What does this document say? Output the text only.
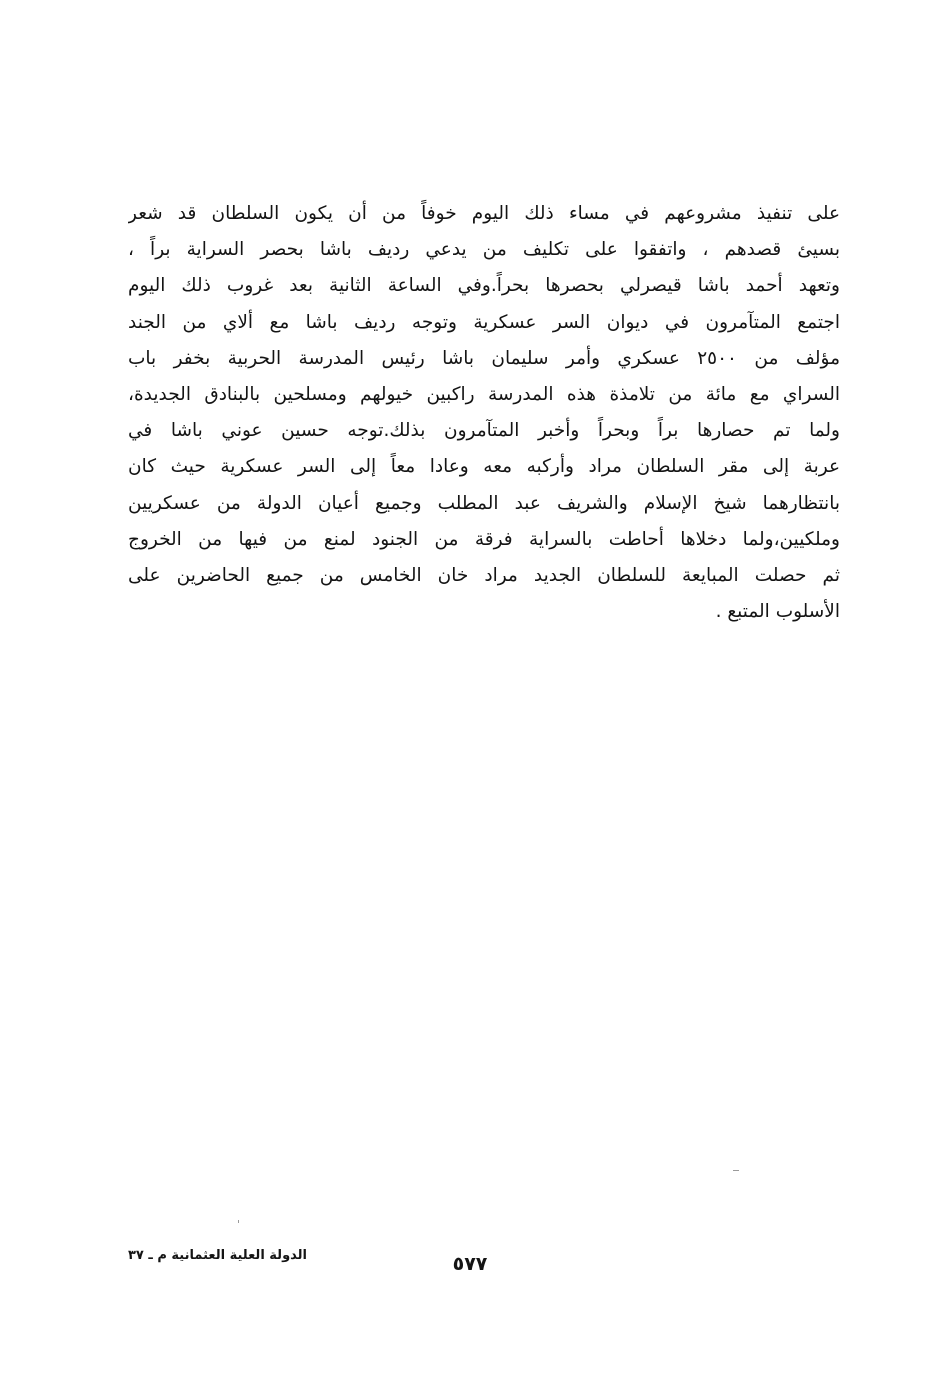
على تنفيذ مشروعهم في مساء ذلك اليوم خوفاً من أن يكون السلطان قد شعر
بسيئ قصدهم ، واتفقوا على تكليف من يدعي رديف باشا بحصر السراية براً ،
وتعهد أحمد باشا قيصرلي بحصرها بحراً.وفي الساعة الثانية بعد غروب ذلك اليوم
اجتمع المتآمرون في ديوان السر عسكرية وتوجه رديف باشا مع ألاي من الجند
مؤلف من ٢٥٠٠ عسكري وأمر سليمان باشا رئيس المدرسة الحربية بخفر باب
السراي مع مائة من تلامذة هذه المدرسة راكبين خيولهم ومسلحين بالبنادق الجديدة،
ولما تم حصارها براً وبحراً وأخبر المتآمرون بذلك.توجه حسين عوني باشا في
عربة إلى مقر السلطان مراد وأركبه معه وعادا معاً إلى السر عسكرية حيث كان
بانتظارهما شيخ الإسلام والشريف عبد المطلب وجميع أعيان الدولة من عسكريين
وملكيين،ولما دخلاها أحاطت بالسراية فرقة من الجنود لمنع من فيها من الخروج
ثم حصلت المبايعة للسلطان الجديد مراد خان الخامس من جميع الحاضرين على
الأسلوب المتبع .
الدولة العلية العثمانية م ـ ٣٧	٥٧٧
